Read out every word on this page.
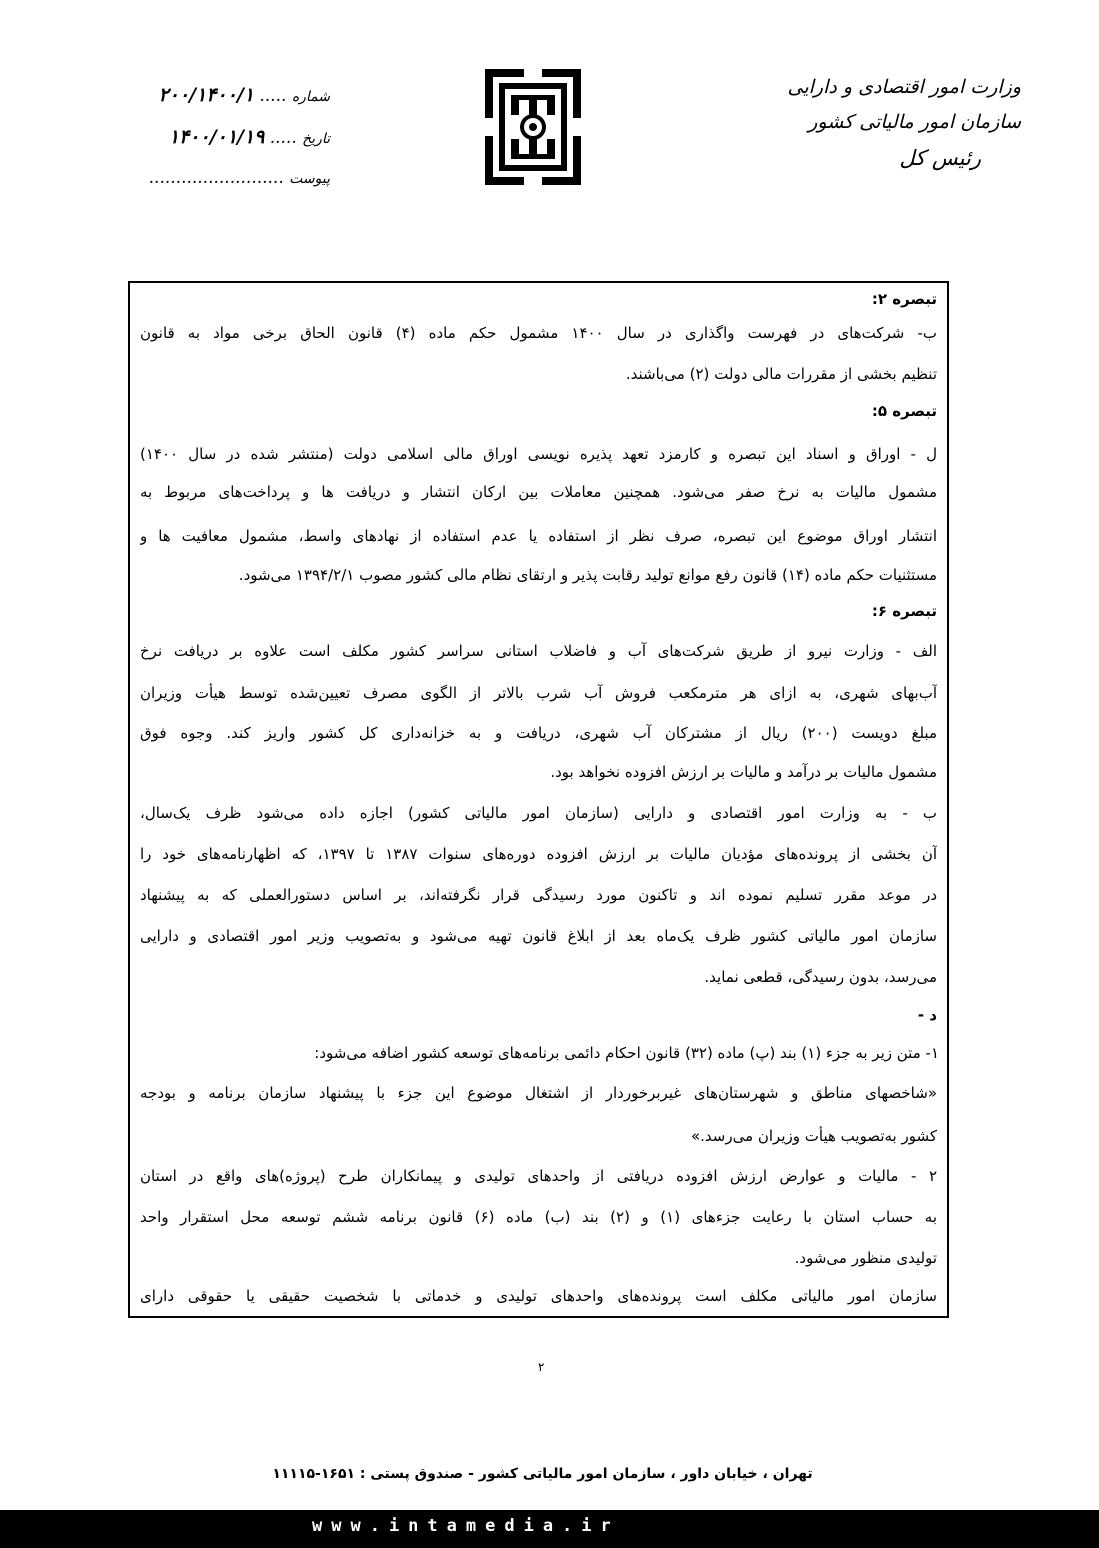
وزارت امور اقتصادی و دارایی
سازمان امور مالیاتی کشور
رئیس کل
شماره ..... ۲۰۰/۱۴۰۰/۱
تاریخ ..... ۱۴۰۰/۰۱/۱۹
پیوست .........................
تبصره ۲:
ب- شرکت‌های در فهرست واگذاری در سال ۱۴۰۰ مشمول حکم ماده (۴) قانون الحاق برخی مواد به قانون
تنظیم بخشی از مقررات مالی دولت (۲) می‌باشند.
تبصره ۵:
ل - اوراق و اسناد این تبصره و کارمزد تعهد پذیره نویسی اوراق مالی اسلامی دولت (منتشر شده در سال ۱۴۰۰)
مشمول مالیات به نرخ صفر می‌شود. همچنین معاملات بین ارکان انتشار و دریافت ها و پرداخت‌های مربوط به
انتشار اوراق موضوع این تبصره، صرف نظر از استفاده یا عدم استفاده از نهادهای واسط، مشمول معافیت ها و
مستثنیات حکم ماده (۱۴) قانون رفع موانع تولید رقابت پذیر و ارتقای نظام مالی کشور مصوب ۱۳۹۴/۲/۱ می‌شود.
تبصره ۶:
الف - وزارت نیرو از طریق شرکت‌های آب و فاضلاب استانی سراسر کشور مکلف است علاوه بر دریافت نرخ
آب‌بهای شهری، به ازای هر مترمکعب فروش آب شرب بالاتر از الگوی مصرف تعیین‌شده توسط هیأت وزیران
مبلغ دویست (۲۰۰) ریال از مشترکان آب شهری، دریافت و به خزانه‌داری کل کشور واریز کند. وجوه فوق
مشمول مالیات بر درآمد و مالیات بر ارزش افزوده نخواهد بود.
ب - به وزارت امور اقتصادی و دارایی (سازمان امور مالیاتی کشور) اجازه داده می‌شود ظرف یک‌سال،
آن بخشی از پرونده‌های مؤدیان مالیات بر ارزش افزوده دوره‌های سنوات ۱۳۸۷ تا ۱۳۹۷، که اظهارنامه‌های خود را
در موعد مقرر تسلیم نموده اند و تاکنون مورد رسیدگی قرار نگرفته‌اند، بر اساس دستورالعملی که به پیشنهاد
سازمان امور مالیاتی کشور ظرف یک‌ماه بعد از ابلاغ قانون تهیه می‌شود و به‌تصویب وزیر امور اقتصادی و دارایی
می‌رسد، بدون رسیدگی، قطعی نماید.
د -
۱- متن زیر به جزء (۱) بند (پ) ماده (۳۲) قانون احکام دائمی برنامه‌های توسعه کشور اضافه می‌شود:
«شاخصهای مناطق و شهرستان‌های غیربرخوردار از اشتغال موضوع این جزء با پیشنهاد سازمان برنامه و بودجه
کشور به‌تصویب هیأت وزیران می‌رسد.»
۲ - مالیات و عوارض ارزش افزوده دریافتی از واحدهای تولیدی و پیمانکاران طرح (پروژه)‌های واقع در استان
به حساب استان با رعایت جزءهای (۱) و (۲) بند (ب) ماده (۶) قانون برنامه ششم توسعه محل استقرار واحد
تولیدی منظور می‌شود.
سازمان امور مالیاتی مکلف است پرونده‌های واحدهای تولیدی و خدماتی با شخصیت حقیقی یا حقوقی دارای
۲
تهران ، خیابان داور ، سازمان امور مالیاتی کشور - صندوق پستی : ۱۶۵۱-۱۱۱۱۵
www.intamedia.ir
